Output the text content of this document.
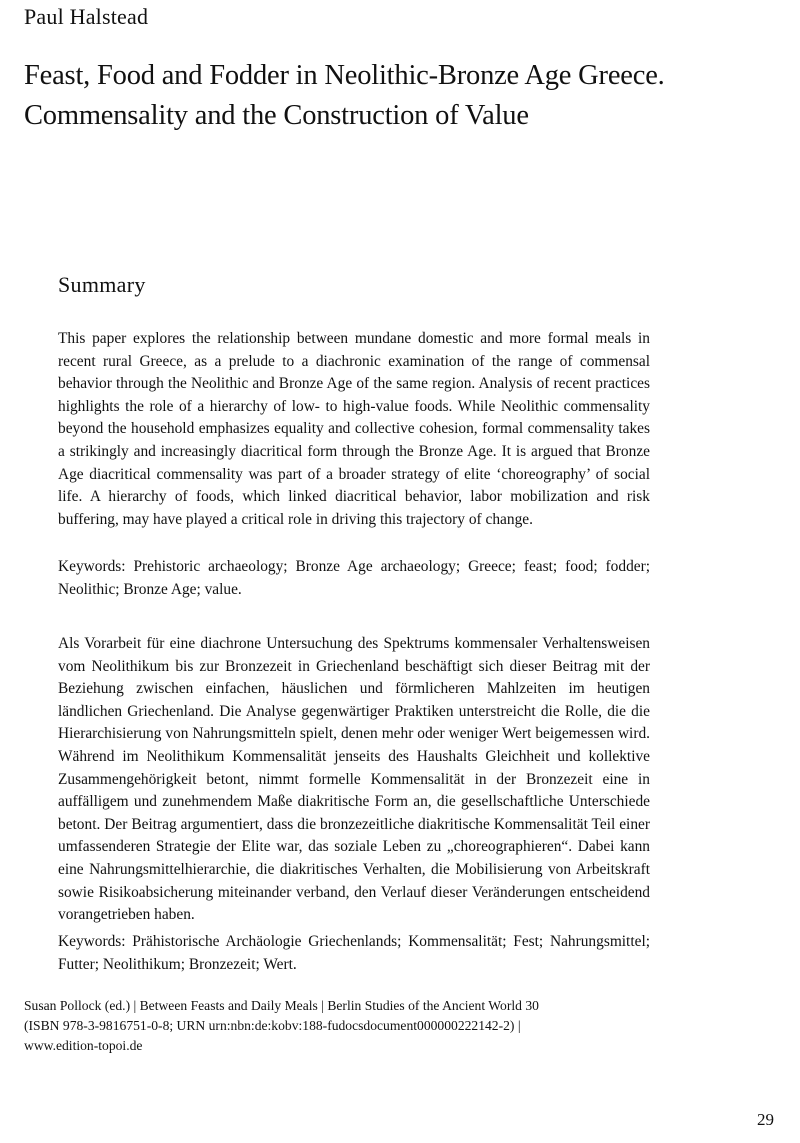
Paul Halstead
Feast, Food and Fodder in Neolithic-Bronze Age Greece. Commensality and the Construction of Value
Summary

This paper explores the relationship between mundane domestic and more formal meals in recent rural Greece, as a prelude to a diachronic examination of the range of commensal behavior through the Neolithic and Bronze Age of the same region. Analysis of recent practices highlights the role of a hierarchy of low- to high-value foods. While Neolithic commensality beyond the household emphasizes equality and collective cohesion, formal commensality takes a strikingly and increasingly diacritical form through the Bronze Age. It is argued that Bronze Age diacritical commensality was part of a broader strategy of elite ‘choreography’ of social life. A hierarchy of foods, which linked diacritical behavior, labor mobilization and risk buffering, may have played a critical role in driving this trajectory of change.

Keywords: Prehistoric archaeology; Bronze Age archaeology; Greece; feast; food; fodder; Neolithic; Bronze Age; value.

Als Vorarbeit für eine diachrone Untersuchung des Spektrums kommensaler Verhaltensweisen vom Neolithikum bis zur Bronzezeit in Griechenland beschäftigt sich dieser Beitrag mit der Beziehung zwischen einfachen, häuslichen und förmlicheren Mahlzeiten im heutigen ländlichen Griechenland. Die Analyse gegenwärtiger Praktiken unterstreicht die Rolle, die die Hierarchisierung von Nahrungsmitteln spielt, denen mehr oder weniger Wert beigemessen wird. Während im Neolithikum Kommensalität jenseits des Haushalts Gleichheit und kollektive Zusammengehörigkeit betont, nimmt formelle Kommensalität in der Bronzezeit eine in auffälligem und zunehmendem Maße diakritische Form an, die gesellschaftliche Unterschiede betont. Der Beitrag argumentiert, dass die bronzezeitliche diakritische Kommensalität Teil einer umfassenderen Strategie der Elite war, das soziale Leben zu „choreographieren“. Dabei kann eine Nahrungsmittelhierarchie, die diakritisches Verhalten, die Mobilisierung von Arbeitskraft sowie Risikoabsicherung miteinander verband, den Verlauf dieser Veränderungen entscheidend vorangetrieben haben.

Keywords: Prähistorische Archäologie Griechenlands; Kommensalität; Fest; Nahrungsmittel; Futter; Neolithikum; Bronzezeit; Wert.

Susan Pollock (ed.) | Between Feasts and Daily Meals | Berlin Studies of the Ancient World 30
(ISBN 978-3-9816751-0-8; URN urn:nbn:de:kobv:188-fudocsdocument000000222142-2) |
www.edition-topoi.de
29
